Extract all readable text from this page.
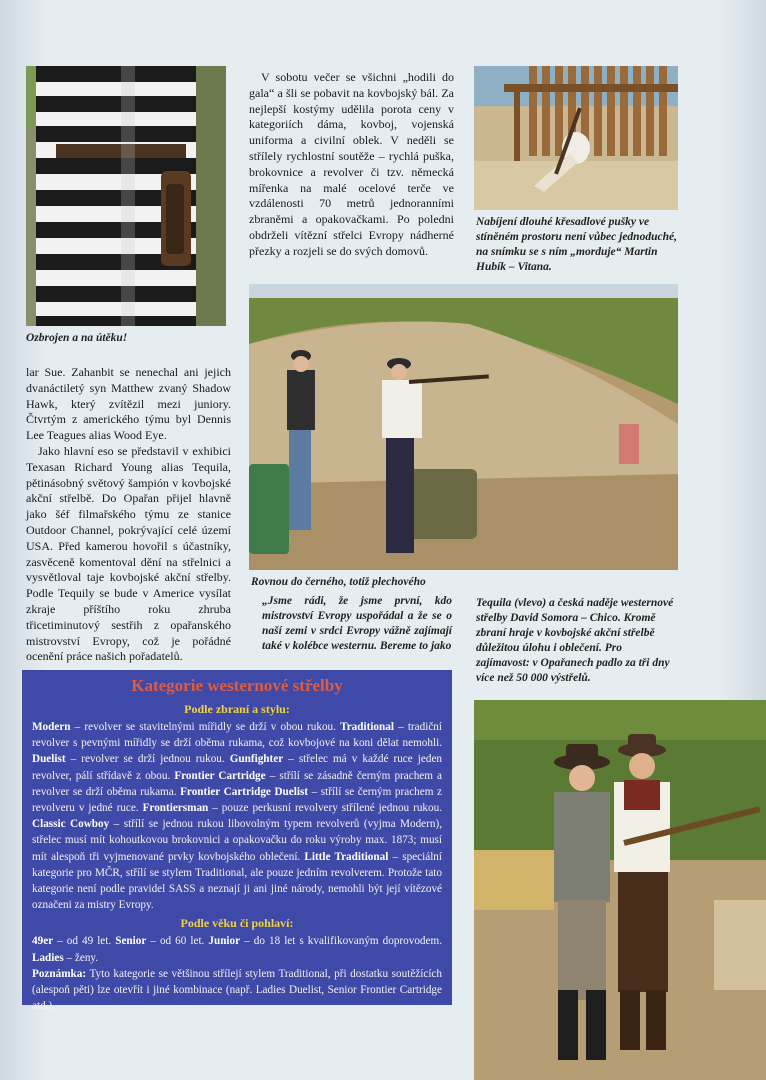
Ozbrojen a na útěku!

V sobotu večer se všichni „hodili do gala“ a šli se pobavit na kovbojský bál. Za nejlepší kostýmy udělila porota ceny v kategoriích dáma, kovboj, vojenská uniforma a civilní oblek. V neděli se střílely rychlostní soutěže – rychlá puška, brokovnice a revolver či tzv. německá mířenka na malé ocelové terče ve vzdálenosti 70 metrů jednoranními zbraněmi a opakovačkami. Po poledni obdrželi vítězní střelci Evropy nádherné přezky a rozjeli se do svých domovů.

Nabíjení dlouhé křesadlové pušky ve stíněném prostoru není vůbec jednoduché, na snímku se s ním „morduje“ Martin Hubík – Vitana.

lar Sue. Zahanbit se nenechal ani jejich dvanáctiletý syn Matthew zvaný Shadow Hawk, který zvítězil mezi juniory. Čtvrtým z amerického týmu byl Dennis Lee Teagues alias Wood Eye.

Jako hlavní eso se představil v exhibici Texasan Richard Young alias Tequila, pětinásobný světový šampión v kovbojské akční střelbě. Do Opařan přijel hlavně jako šéf filmařského týmu ze stanice Outdoor Channel, pokrývající celé území USA. Před kamerou hovořil s účastníky, zasvěceně komentoval dění na střelnici a vysvětloval taje kovbojské akční střelby. Podle Tequily se bude v Americe vysílat zkraje příštího roku zhruba třicetiminutový sestřih z opařanského mistrovství Evropy, což je pořádné ocenění práce našich pořadatelů.

Rovnou do černého, totiž plechového
„Jsme rádi, že jsme první, kdo mistrovství Evropy uspořádal a že se o naší zemi v srdci Evropy vážně zajímají také v kolébce westernu. Bereme to jako
Tequila (vlevo) a česká naděje westernové střelby David Somora – Chico. Kromě zbraní hraje v kovbojské akční střelbě důležitou úlohu i oblečení. Pro zajímavost: v Opařanech padlo za tři dny více než 50 000 výstřelů.
Kategorie westernové střelby
Podle zbraní a stylu:
Modern – revolver se stavitelnými mířidly se drží v obou rukou. Traditional – tradiční revolver s pevnými mířidly se drží oběma rukama, což kovbojové na koni dělat nemohli. Duelist – revolver se drží jednou rukou. Gunfighter – střelec má v každé ruce jeden revolver, pálí střídavě z obou. Frontier Cartridge – střílí se zásadně černým prachem a revolver se drží oběma rukama. Frontier Cartridge Duelist – střílí se černým prachem z revolveru v jedné ruce. Frontiersman – pouze perkusní revolvery střílené jednou rukou. Classic Cowboy – střílí se jednou rukou libovolným typem revolverů (vyjma Modern), střelec musí mít kohoutkovou brokovnici a opakovačku do roku výroby max. 1873; musí mít alespoň tři vyjmenované prvky kovbojského oblečení. Little Traditional – speciální kategorie pro MČR, střílí se stylem Traditional, ale pouze jedním revolverem. Protože tato kategorie není podle pravidel SASS a neznají ji ani jiné národy, nemohli být její vítězové označeni za mistry Evropy.
Podle věku či pohlaví:
49er – od 49 let. Senior – od 60 let. Junior – do 18 let s kvalifikovaným doprovodem. Ladies – ženy.
Poznámka: Tyto kategorie se většinou střílejí stylem Traditional, při dostatku soutěžících (alespoň pěti) lze otevřít i jiné kombinace (např. Ladies Duelist, Senior Frontier Cartridge atd.).
